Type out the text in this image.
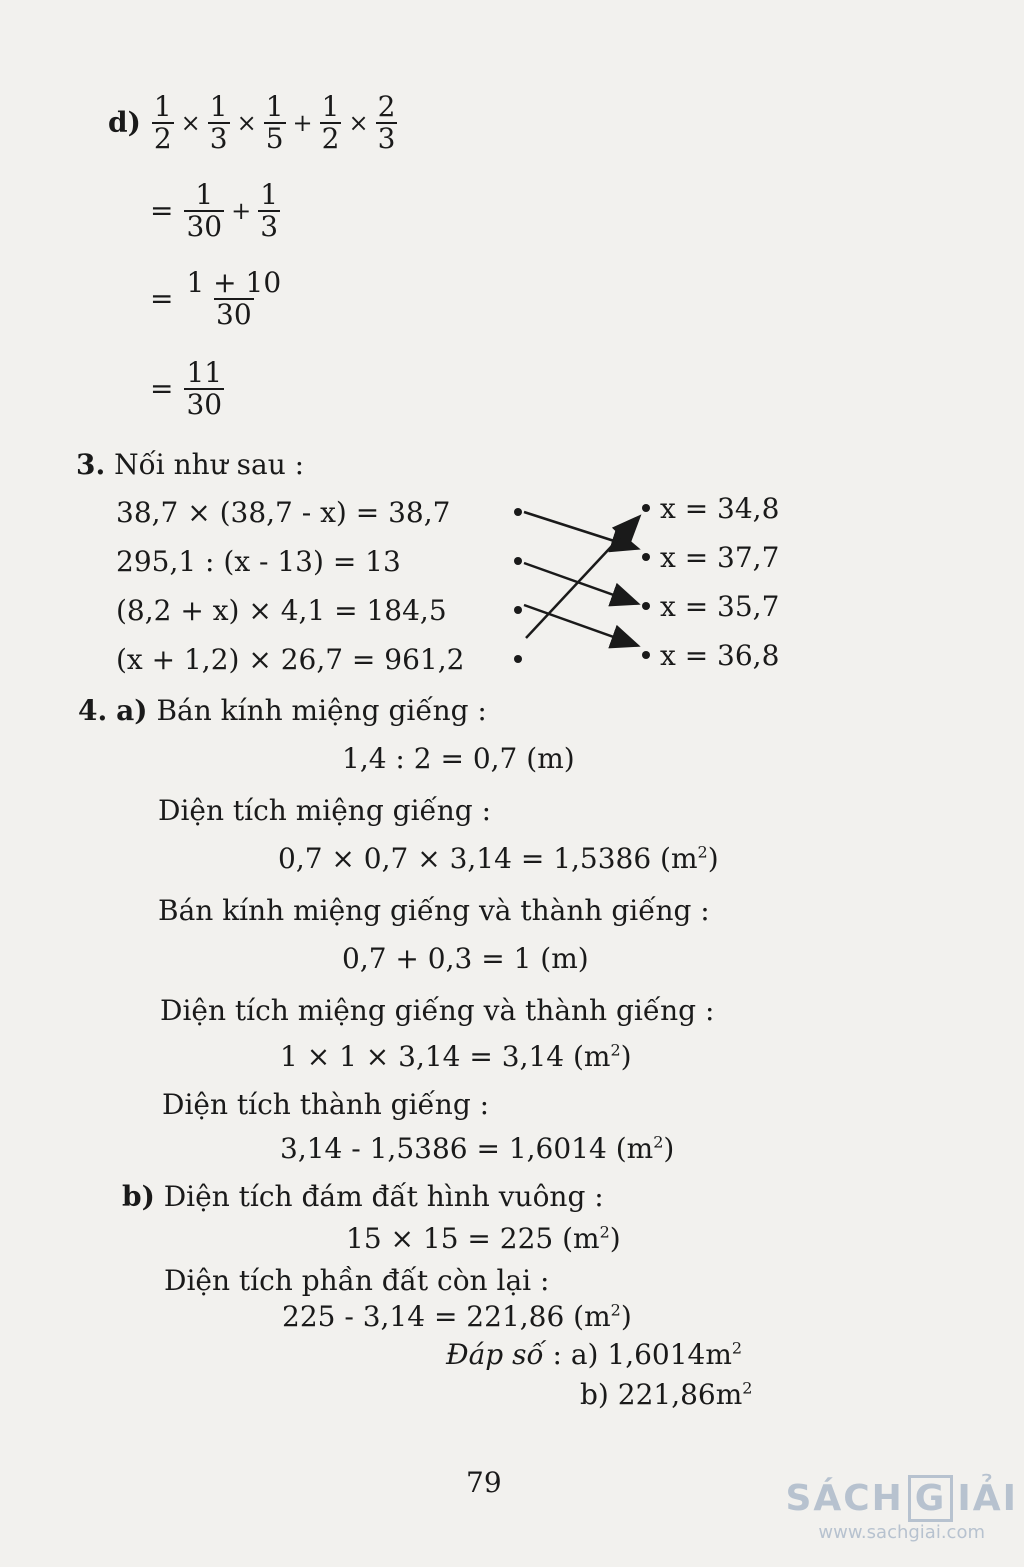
$d) \frac{1}{2} \times \frac{1}{3} \times \frac{1}{5} + \frac{1}{2} \times \frac{2}{3}$
= $\frac{1}{30} + \frac{1}{3}$
= $\frac{1 + 10}{30}$
= $\frac{11}{30}$
3. Nối như sau :
38,7 × (38,7 - x) = 38,7
295,1 : (x - 13) = 13
(8,2 + x) × 4,1 = 184,5
(x + 1,2) × 26,7 = 961,2
x = 34,8
x = 37,7
x = 35,7
x = 36,8
4. a) Bán kính miệng giếng :
1,4 : 2 = 0,7 (m)
Diện tích miệng giếng :
0,7 × 0,7 × 3,14 = 1,5386 $(m^2)$
Bán kính miệng giếng và thành giếng :
0,7 + 0,3 = 1 (m)
Diện tích miệng giếng và thành giếng :
1 × 1 × 3,14 = 3,14 $(m^2)$
Diện tích thành giếng :
3,14 - 1,5386 = 1,6014 $(m^2)$
b) Diện tích đám đất hình vuông :
15 × 15 = 225 $(m^2)$
Diện tích phần đất còn lại :
225 - 3,14 = 221,86 $(m^2)$
Đáp số : a) $1,6014m^2$
b) $221,86m^2$
79	SÁCH G IẢI
www.sachgiai.com
